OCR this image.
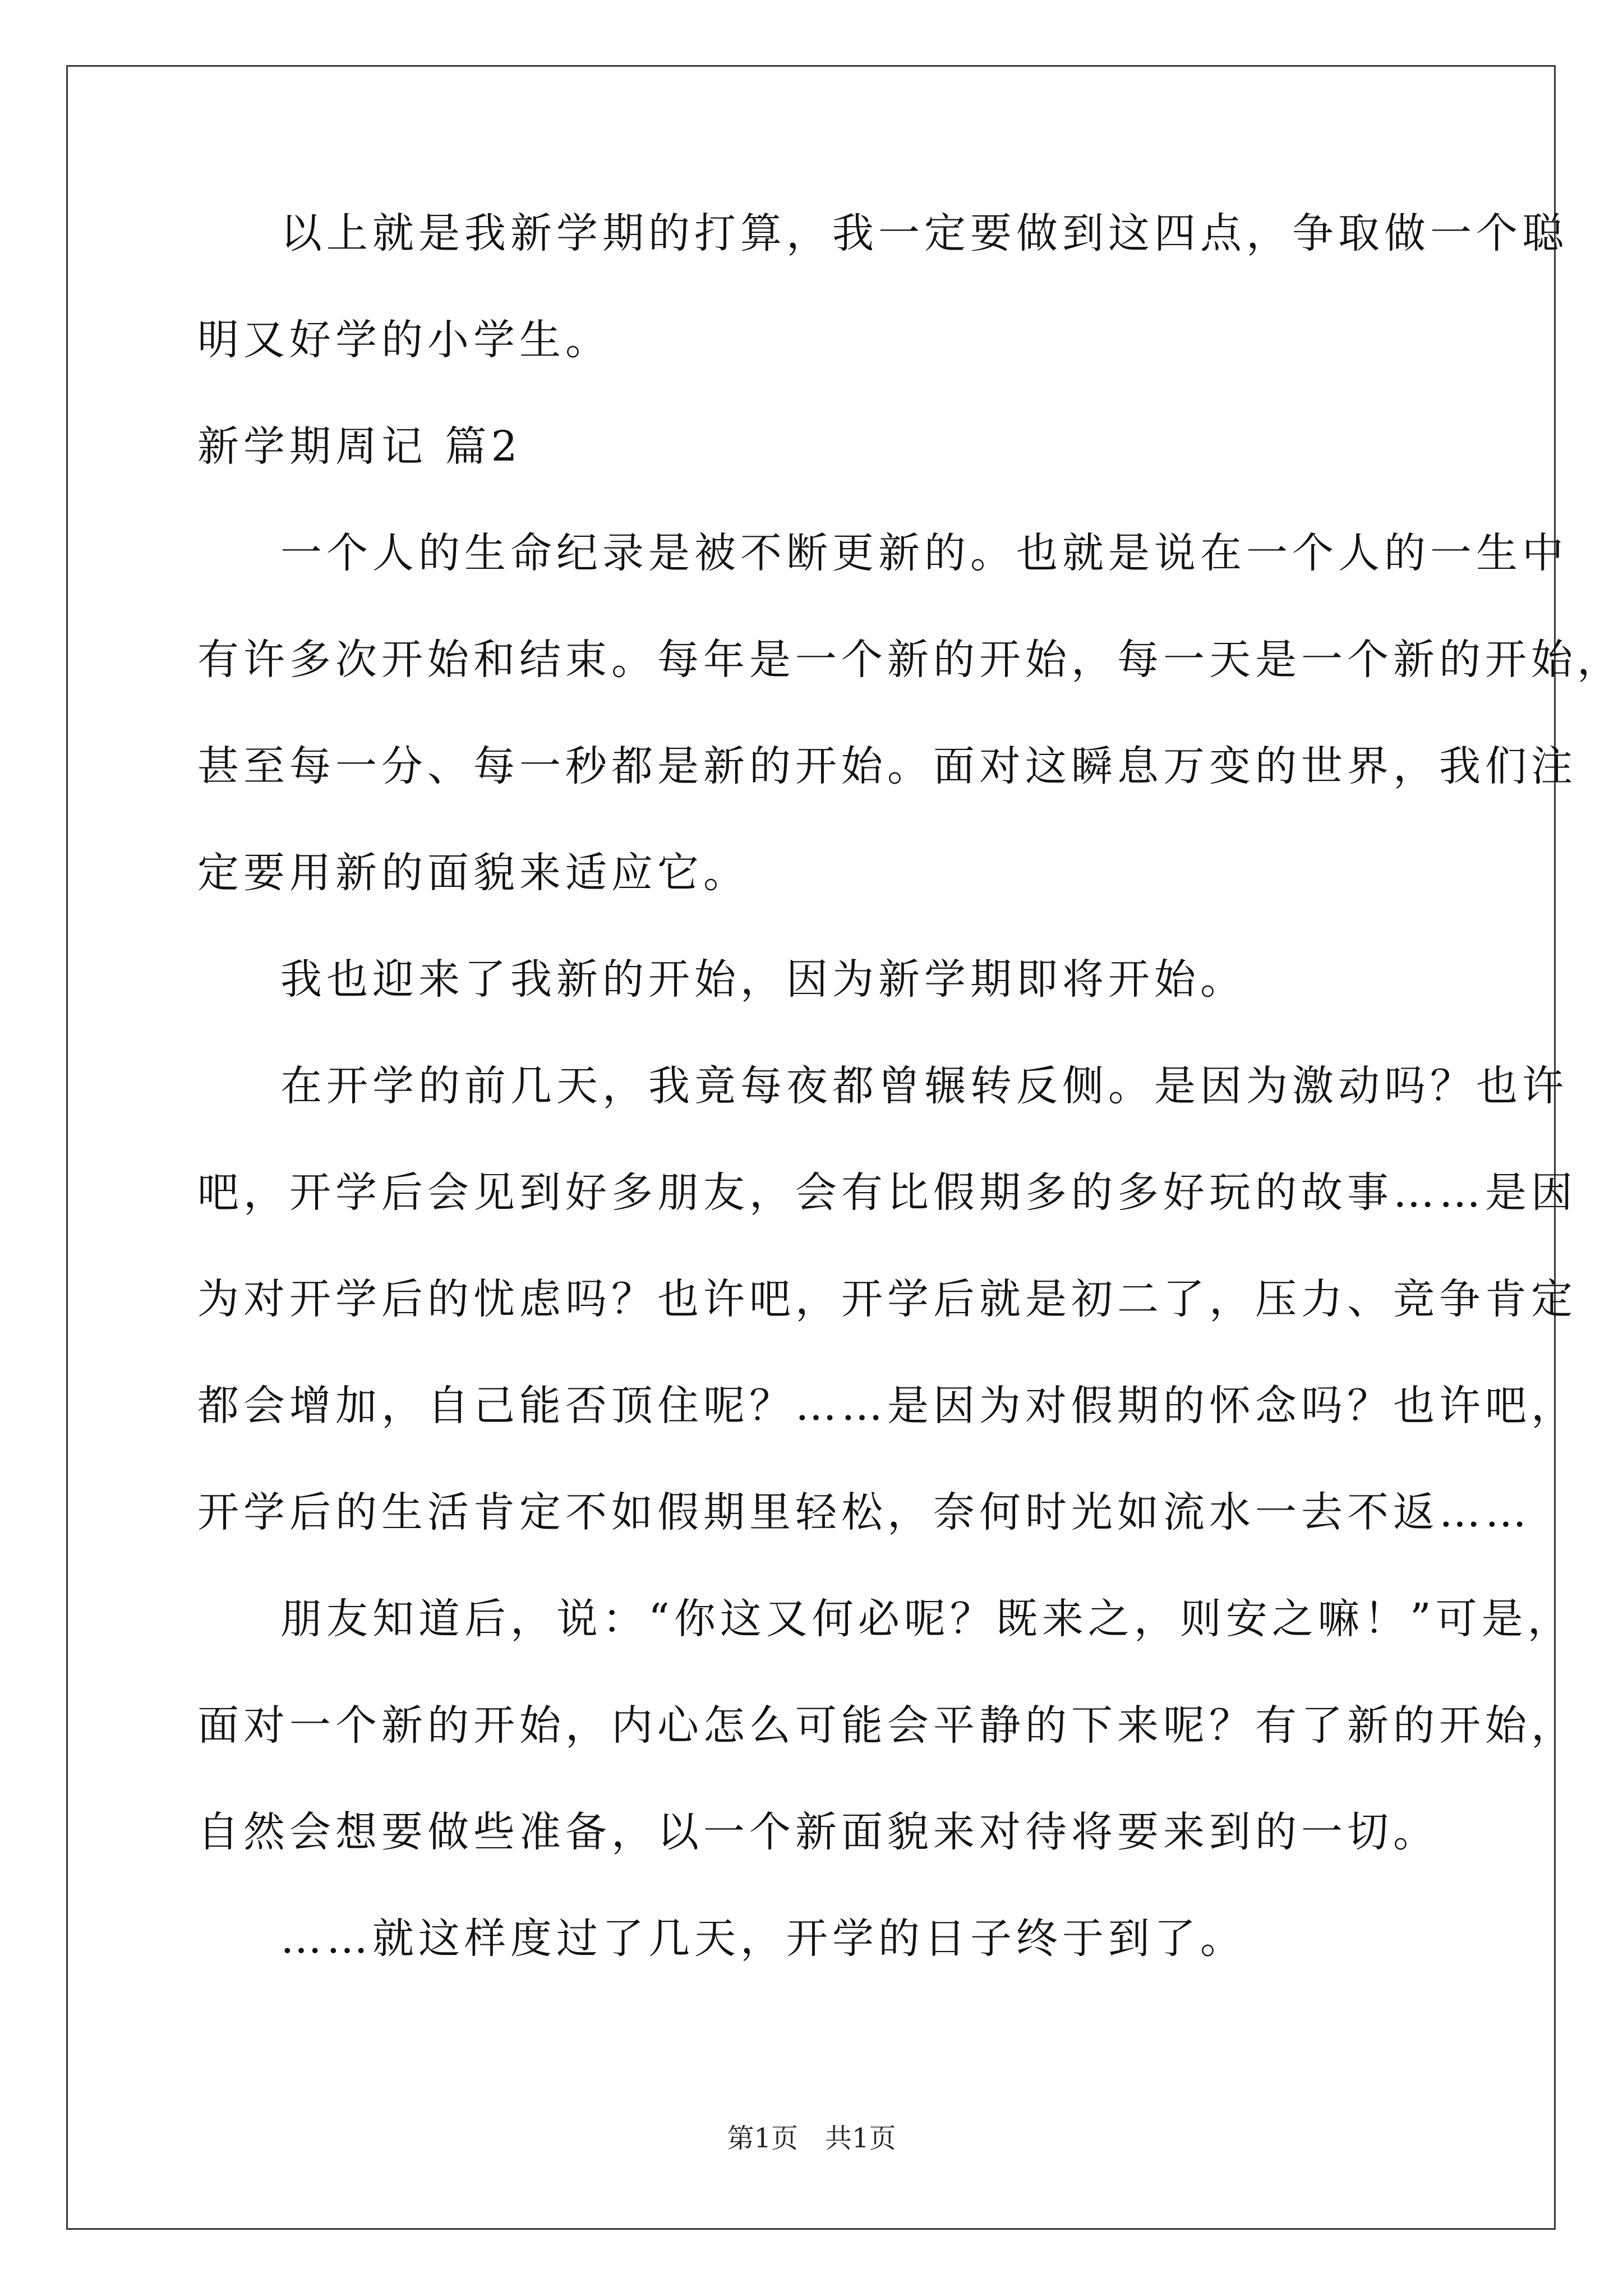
以上就是我新学期的打算，我一定要做到这四点，争取做一个聪
明又好学的小学生。
新学期周记 篇2
一个人的生命纪录是被不断更新的。也就是说在一个人的一生中
有许多次开始和结束。每年是一个新的开始，每一天是一个新的开始，
甚至每一分、每一秒都是新的开始。面对这瞬息万变的世界，我们注
定要用新的面貌来适应它。
我也迎来了我新的开始，因为新学期即将开始。
在开学的前几天，我竟每夜都曾辗转反侧。是因为激动吗？也许
吧，开学后会见到好多朋友，会有比假期多的多好玩的故事……是因
为对开学后的忧虑吗？也许吧，开学后就是初二了，压力、竞争肯定
都会增加，自己能否顶住呢？……是因为对假期的怀念吗？也许吧，
开学后的生活肯定不如假期里轻松，奈何时光如流水一去不返……
朋友知道后，说：“你这又何必呢？既来之，则安之嘛！”可是，
面对一个新的开始，内心怎么可能会平静的下来呢？有了新的开始，
自然会想要做些准备，以一个新面貌来对待将要来到的一切。
……就这样度过了几天，开学的日子终于到了。
第1页　共1页
